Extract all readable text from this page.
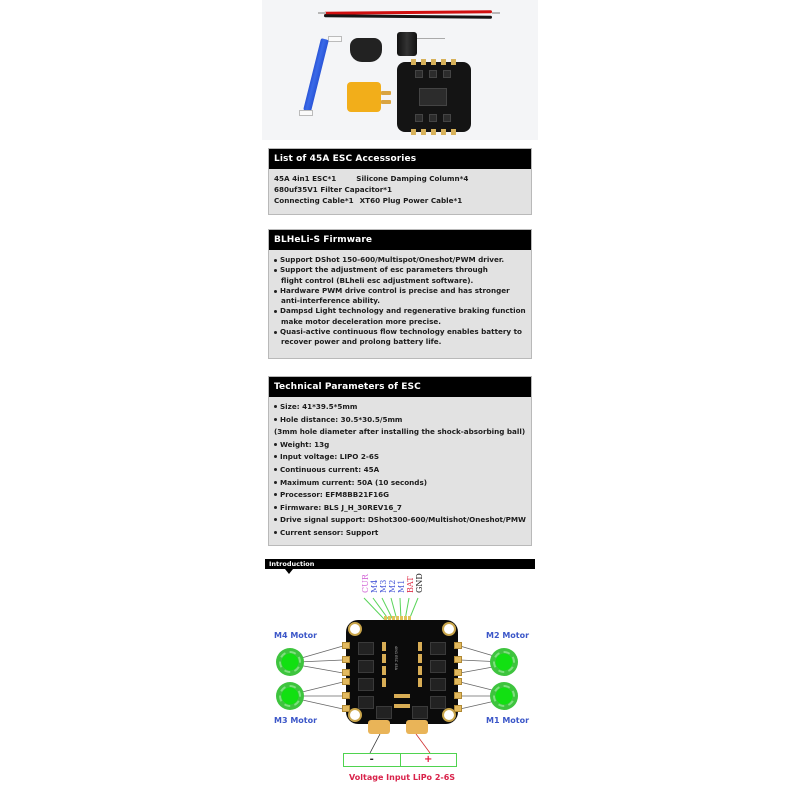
List of 45A ESC Accessories
45A 4in1 ESC*1	Silicone Damping Column*4
680uf35V1 Filter Capacitor*1
Connecting Cable*1 XT60 Plug Power Cable*1
BLHeLi-S Firmware
Support DShot 150-600/Multispot/Oneshot/PWM driver.
Support the adjustment of esc parameters through
flight control (BLheli esc adjustment software).
Hardware PWM drive control is precise and has stronger
anti-interference ability.
Dampsd Light technology and regenerative braking function
make motor deceleration more precise.
Quasi-active continuous flow technology enables battery to
recover power and prolong battery life.
Technical Parameters of ESC
Size: 41*39.5*5mm
Hole distance: 30.5*30.5/5mm
(3mm hole diameter after installing the shock-absorbing ball)
Weight: 13g
Input voltage: LIPO 2-6S
Continuous current: 45A
Maximum current: 50A (10 seconds)
Processor: EFM8BB21F16G
Firmware: BLS J_H_30REV16_7
Drive signal support: DShot300-600/Multishot/Oneshot/PMW
Current sensor: Support
Introduction
CUR M4 M3 M2 M1 BAT GND
M4 Motor
M3 Motor
M2 Motor
M1 Motor
4IN1 ESC 45A
-	+
Voltage Input LiPo 2-6S
